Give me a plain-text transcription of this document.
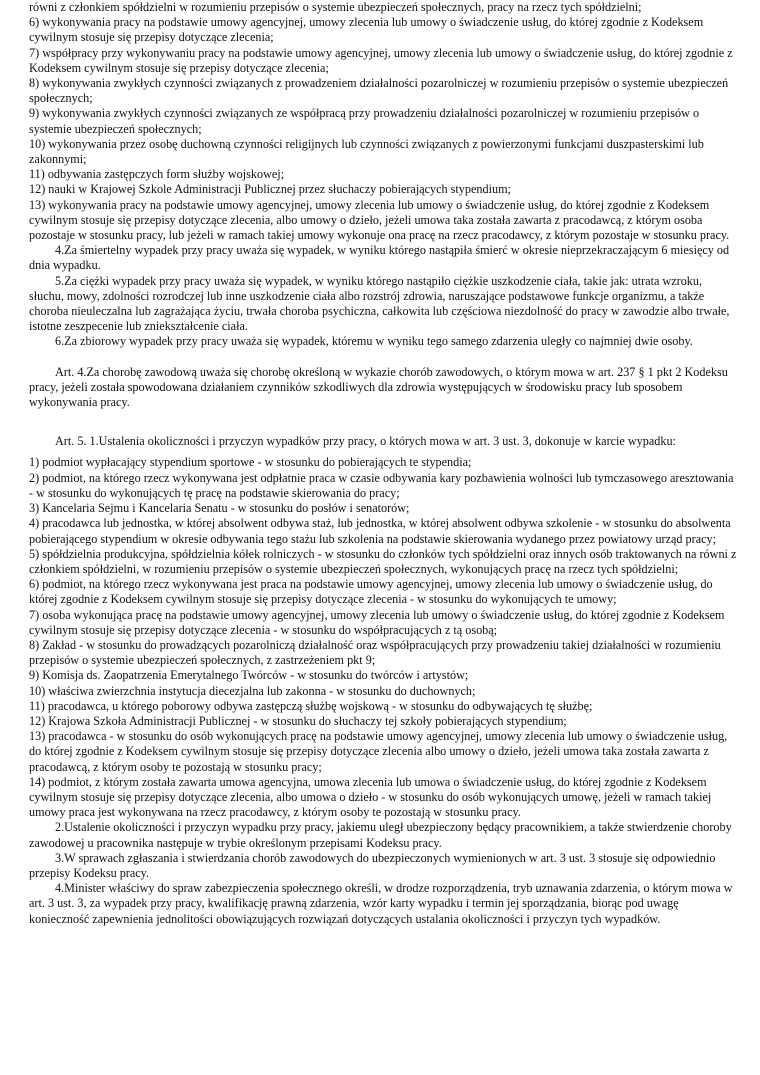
równi z członkiem spółdzielni w rozumieniu przepisów o systemie ubezpieczeń społecznych, pracy na rzecz tych spółdzielni;

6) wykonywania pracy na podstawie umowy agencyjnej, umowy zlecenia lub umowy o świadczenie usług, do której zgodnie z Kodeksem cywilnym stosuje się przepisy dotyczące zlecenia;

7) współpracy przy wykonywaniu pracy na podstawie umowy agencyjnej, umowy zlecenia lub umowy o świadczenie usług, do której zgodnie z Kodeksem cywilnym stosuje się przepisy dotyczące zlecenia;

8) wykonywania zwykłych czynności związanych z prowadzeniem działalności pozarolniczej w rozumieniu przepisów o systemie ubezpieczeń społecznych;

9) wykonywania zwykłych czynności związanych ze współpracą przy prowadzeniu działalności pozarolniczej w rozumieniu przepisów o systemie ubezpieczeń społecznych;

10) wykonywania przez osobę duchowną czynności religijnych lub czynności związanych z powierzonymi funkcjami duszpasterskimi lub zakonnymi;

11) odbywania zastępczych form służby wojskowej;

12) nauki w Krajowej Szkole Administracji Publicznej przez słuchaczy pobierających stypendium;

13) wykonywania pracy na podstawie umowy agencyjnej, umowy zlecenia lub umowy o świadczenie usług, do której zgodnie z Kodeksem cywilnym stosuje się przepisy dotyczące zlecenia, albo umowy o dzieło, jeżeli umowa taka została zawarta z pracodawcą, z którym osoba pozostaje w stosunku pracy, lub jeżeli w ramach takiej umowy wykonuje ona pracę na rzecz pracodawcy, z którym pozostaje w stosunku pracy.

4.Za śmiertelny wypadek przy pracy uważa się wypadek, w wyniku którego nastąpiła śmierć w okresie nieprzekraczającym 6 miesięcy od dnia wypadku.

5.Za ciężki wypadek przy pracy uważa się wypadek, w wyniku którego nastąpiło ciężkie uszkodzenie ciała, takie jak: utrata wzroku, słuchu, mowy, zdolności rozrodczej lub inne uszkodzenie ciała albo rozstrój zdrowia, naruszające podstawowe funkcje organizmu, a także choroba nieuleczalna lub zagrażająca życiu, trwała choroba psychiczna, całkowita lub częściowa niezdolność do pracy w zawodzie albo trwałe, istotne zeszpecenie lub zniekształcenie ciała.

6.Za zbiorowy wypadek przy pracy uważa się wypadek, któremu w wyniku tego samego zdarzenia uległy co najmniej dwie osoby.

Art. 4.Za chorobę zawodową uważa się chorobę określoną w wykazie chorób zawodowych, o którym mowa w art. 237 § 1 pkt 2 Kodeksu pracy, jeżeli została spowodowana działaniem czynników szkodliwych dla zdrowia występujących w środowisku pracy lub sposobem wykonywania pracy.

Art. 5. 1.Ustalenia okoliczności i przyczyn wypadków przy pracy, o których mowa w art. 3 ust. 3, dokonuje w karcie wypadku:

1) podmiot wypłacający stypendium sportowe - w stosunku do pobierających te stypendia;

2) podmiot, na którego rzecz wykonywana jest odpłatnie praca w czasie odbywania kary pozbawienia wolności lub tymczasowego aresztowania - w stosunku do wykonujących tę pracę na podstawie skierowania do pracy;

3) Kancelaria Sejmu i Kancelaria Senatu - w stosunku do posłów i senatorów;

4) pracodawca lub jednostka, w której absolwent odbywa staż, lub jednostka, w której absolwent odbywa szkolenie - w stosunku do absolwenta pobierającego stypendium w okresie odbywania tego stażu lub szkolenia na podstawie skierowania wydanego przez powiatowy urząd pracy;

5) spółdzielnia produkcyjna, spółdzielnia kółek rolniczych - w stosunku do członków tych spółdzielni oraz innych osób traktowanych na równi z członkiem spółdzielni, w rozumieniu przepisów o systemie ubezpieczeń społecznych, wykonujących pracę na rzecz tych spółdzielni;

6) podmiot, na którego rzecz wykonywana jest praca na podstawie umowy agencyjnej, umowy zlecenia lub umowy o świadczenie usług, do której zgodnie z Kodeksem cywilnym stosuje się przepisy dotyczące zlecenia - w stosunku do wykonujących te umowy;

7) osoba wykonująca pracę na podstawie umowy agencyjnej, umowy zlecenia lub umowy o świadczenie usług, do której zgodnie z Kodeksem cywilnym stosuje się przepisy dotyczące zlecenia - w stosunku do współpracujących z tą osobą;

8) Zakład - w stosunku do prowadzących pozarolniczą działalność oraz współpracujących przy prowadzeniu takiej działalności w rozumieniu przepisów o systemie ubezpieczeń społecznych, z zastrzeżeniem pkt 9;

9) Komisja ds. Zaopatrzenia Emerytalnego Twórców - w stosunku do twórców i artystów;

10) właściwa zwierzchnia instytucja diecezjalna lub zakonna - w stosunku do duchownych;

11) pracodawca, u którego poborowy odbywa zastępczą służbę wojskową - w stosunku do odbywających tę służbę;

12) Krajowa Szkoła Administracji Publicznej - w stosunku do słuchaczy tej szkoły pobierających stypendium;

13) pracodawca - w stosunku do osób wykonujących pracę na podstawie umowy agencyjnej, umowy zlecenia lub umowy o świadczenie usług, do której zgodnie z Kodeksem cywilnym stosuje się przepisy dotyczące zlecenia albo umowy o dzieło, jeżeli umowa taka została zawarta z pracodawcą, z którym osoby te pozostają w stosunku pracy;

14) podmiot, z którym została zawarta umowa agencyjna, umowa zlecenia lub umowa o świadczenie usług, do której zgodnie z Kodeksem cywilnym stosuje się przepisy dotyczące zlecenia, albo umowa o dzieło - w stosunku do osób wykonujących umowę, jeżeli w ramach takiej umowy praca jest wykonywana na rzecz pracodawcy, z którym osoby te pozostają w stosunku pracy.

2.Ustalenie okoliczności i przyczyn wypadku przy pracy, jakiemu uległ ubezpieczony będący pracownikiem, a także stwierdzenie choroby zawodowej u pracownika następuje w trybie określonym przepisami Kodeksu pracy.

3.W sprawach zgłaszania i stwierdzania chorób zawodowych do ubezpieczonych wymienionych w art. 3 ust. 3 stosuje się odpowiednio przepisy Kodeksu pracy.

4.Minister właściwy do spraw zabezpieczenia społecznego określi, w drodze rozporządzenia, tryb uznawania zdarzenia, o którym mowa w art. 3 ust. 3, za wypadek przy pracy, kwalifikację prawną zdarzenia, wzór karty wypadku i termin jej sporządzania, biorąc pod uwagę konieczność zapewnienia jednolitości obowiązujących rozwiązań dotyczących ustalania okoliczności i przyczyn tych wypadków.
